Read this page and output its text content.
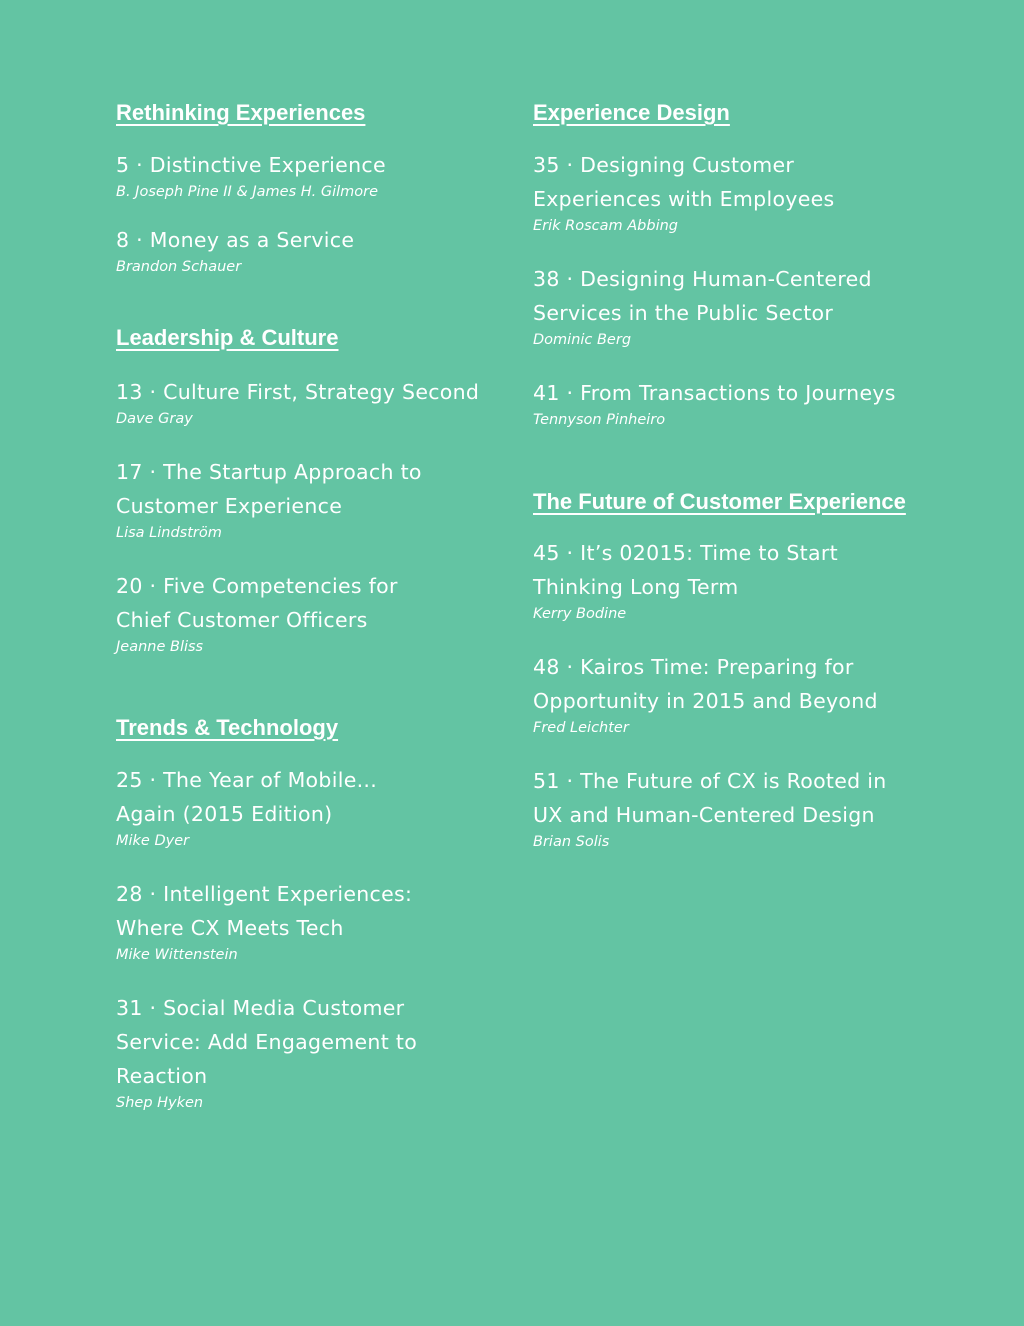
Rethinking Experiences
5 · Distinctive Experience
B. Joseph Pine II & James H. Gilmore
8 · Money as a Service
Brandon Schauer
Leadership & Culture
13 · Culture First, Strategy Second
Dave Gray
17 · The Startup Approach to
Customer Experience
Lisa Lindström
20 · Five Competencies for
Chief Customer Officers
Jeanne Bliss
Trends & Technology
25 · The Year of Mobile...
Again (2015 Edition)
Mike Dyer
28 · Intelligent Experiences:
Where CX Meets Tech
Mike Wittenstein
31 · Social Media Customer
Service: Add Engagement to
Reaction
Shep Hyken
Experience Design
35 · Designing Customer
Experiences with Employees
Erik Roscam Abbing
38 · Designing Human-Centered
Services in the Public Sector
Dominic Berg
41 · From Transactions to Journeys
Tennyson Pinheiro
The Future of Customer Experience
45 · It’s 02015: Time to Start
Thinking Long Term
Kerry Bodine
48 · Kairos Time: Preparing for
Opportunity in 2015 and Beyond
Fred Leichter
51 · The Future of CX is Rooted in
UX and Human-Centered Design
Brian Solis
